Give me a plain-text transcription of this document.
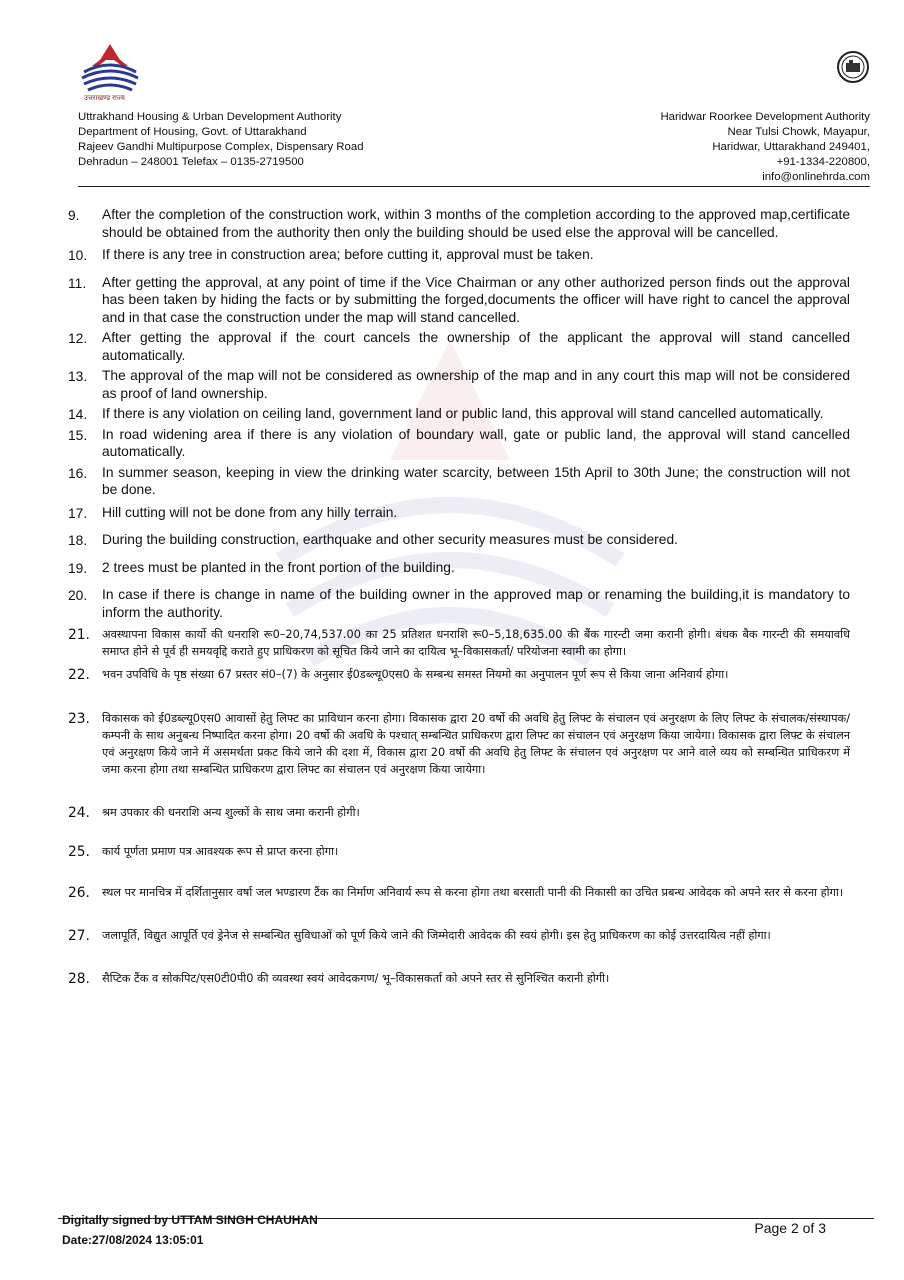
उत्तराखण्ड राज्य
Uttrakhand Housing & Urban Development Authority
Department of Housing, Govt. of Uttarakhand
Rajeev Gandhi Multipurpose Complex, Dispensary Road
Dehradun – 248001 Telefax – 0135-2719500
Haridwar Roorkee Development Authority
Near Tulsi Chowk, Mayapur,
Haridwar, Uttarakhand 249401,
+91-1334-220800,
info@onlinehrda.com
9. After the completion of the construction work, within 3 months of the completion according to the approved map,certificate should be obtained from the authority then only the building should be used else the approval will be cancelled.
10. If there is any tree in construction area; before cutting it, approval must be taken.
11. After getting the approval, at any point of time if the Vice Chairman or any other authorized person finds out the approval has been taken by hiding the facts or by submitting the forged,documents the officer will have right to cancel the approval and in that case the construction under the map will stand cancelled.
12. After getting the approval if the court cancels the ownership of the applicant the approval will stand cancelled automatically.
13. The approval of the map will not be considered as ownership of the map and in any court this map will not be considered as proof of land ownership.
14. If there is any violation on ceiling land, government land or public land, this approval will stand cancelled automatically.
15. In road widening area if there is any violation of boundary wall, gate or public land, the approval will stand cancelled automatically.
16. In summer season, keeping in view the drinking water scarcity, between 15th April to 30th June; the construction will not be done.
17. Hill cutting will not be done from any hilly terrain.
18. During the building construction, earthquake and other security measures must be considered.
19. 2 trees must be planted in the front portion of the building.
20. In case if there is change in name of the building owner in the approved map or renaming the building,it is mandatory to inform the authority.
21. अवस्थापना विकास कार्यो की धनराशि रू0–20,74,537.00 का 25 प्रतिशत धनराशि रू0–5,18,635.00 की बैंक गारन्टी जमा करानी होगी। बंधक बैक गारन्टी की समयावधि समाप्त होने से पूर्व ही समयवृद्दि कराते हुए प्राधिकरण को सूचित किये जाने का दायित्व भू–विकासकर्ता/ परियोजना स्वामी का होगा।
22. भवन उपविधि के पृष्ठ संख्या 67 प्रस्तर सं0–(7) के अनुसार ई0डब्ल्यू0एस0 के सम्बन्ध समस्त नियमो का अनुपालन पूर्ण रूप से किया जाना अनिवार्य होगा।
23. विकासक को ई0डब्ल्यू0एस0 आवासों हेतु लिफ्ट का प्राविधान करना होगा। विकासक द्वारा 20 वर्षो की अवधि हेतु लिफ्ट के संचालन एवं अनुरक्षण के लिए लिफ्ट के संचालक/संस्थापक/कम्पनी के साथ अनुबन्ध निष्पादित करना होगा। 20 वर्षो की अवधि के पश्चात् सम्बन्धित प्राधिकरण द्वारा लिफ्ट का संचालन एवं अनुरक्षण किया जायेगा। विकासक द्वारा लिफ्ट के संचालन एवं अनुरक्षण किये जाने में असमर्थता प्रकट किये जाने की दशा में, विकास द्वारा 20 वर्षो की अवधि हेतु लिफ्ट के संचालन एवं अनुरक्षण पर आने वाले व्यय को सम्बन्धित प्राधिकरण में जमा करना होगा तथा सम्बन्धित प्राधिकरण द्वारा लिफ्ट का संचालन एवं अनुरक्षण किया जायेगा।
24. श्रम उपकार की धनराशि अन्य शुल्कों के साथ जमा करानी होगी।
25. कार्य पूर्णता प्रमाण पत्र आवश्यक रूप से प्राप्त करना होगा।
26. स्थल पर मानचित्र में दर्शितानुसार वर्षा जल भण्डारण टैंक का निर्माण अनिवार्य रूप से करना होगा तथा बरसाती पानी की निकासी का उचित प्रबन्ध आवेदक को अपने स्तर से करना होगा।
27. जलापूर्ति, विद्युत आपूर्ति एवं ड्रेनेज से सम्बन्धित सुविधाओं को पूर्ण किये जाने की जिम्मेदारी आवेदक की स्वयं होगी। इस हेतु प्राधिकरण का कोई उत्तरदायित्व नहीं होगा।
28. सैप्टिक टैंक व सोकपिट/एस0टी0पी0 की व्यवस्था स्वयं आवेदकगण/ भू–विकासकर्ता को अपने स्तर से सुनिश्चित करानी होगी।
Digitally signed by UTTAM SINGH CHAUHAN
Date:27/08/2024 13:05:01
Page 2 of 3
